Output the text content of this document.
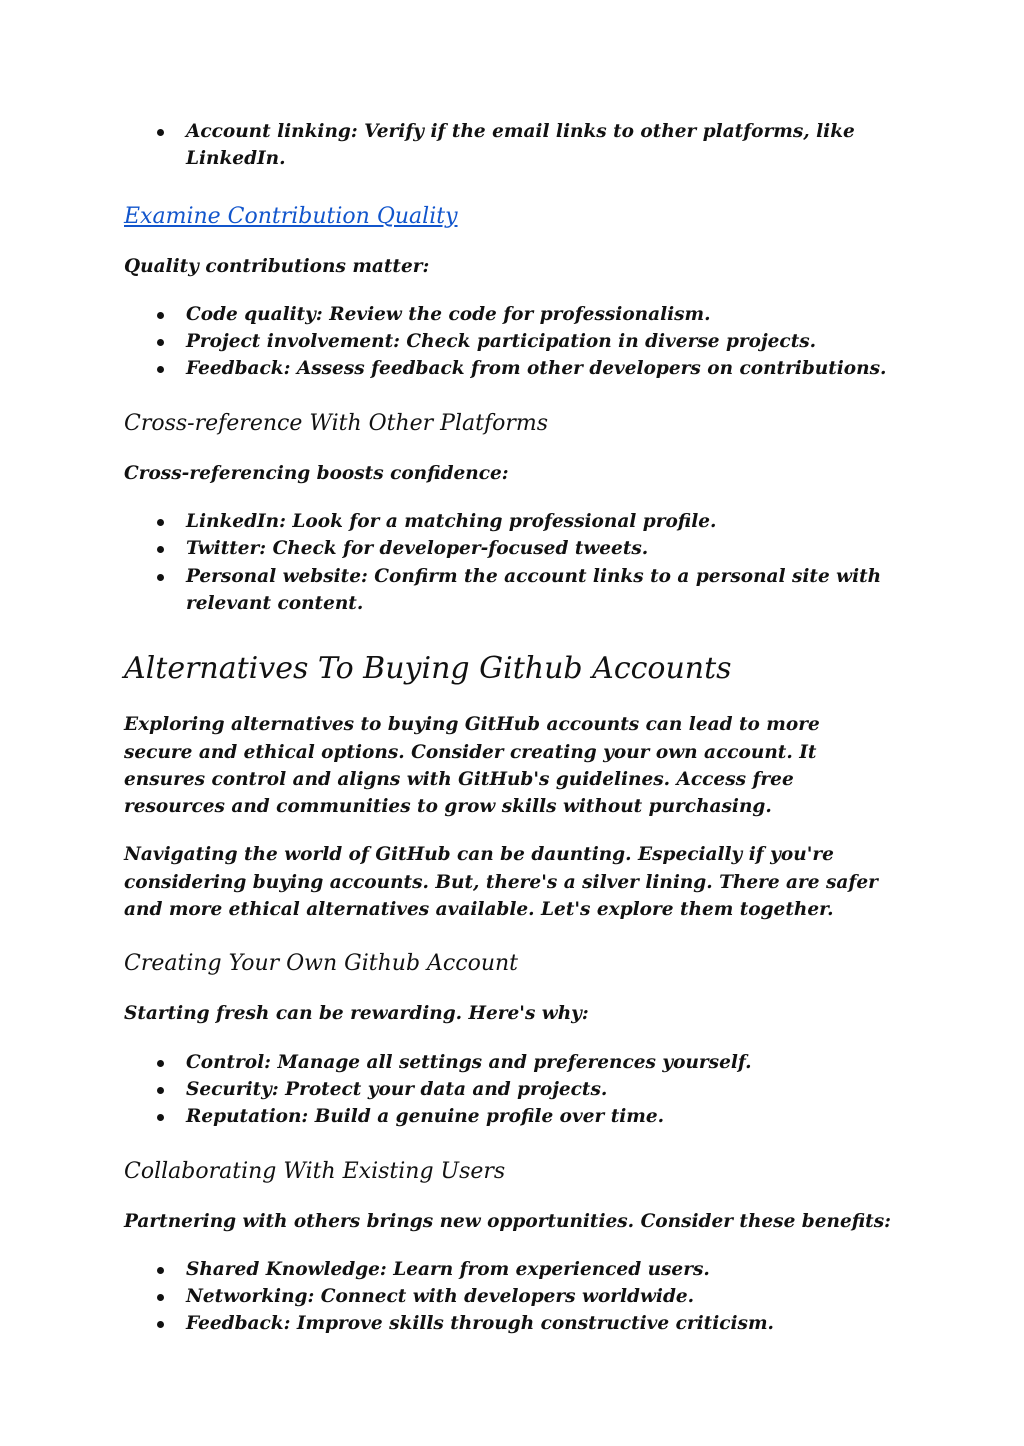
Account linking: Verify if the email links to other platforms, like LinkedIn.
Examine Contribution Quality

Quality contributions matter:

Code quality: Review the code for professionalism.
Project involvement: Check participation in diverse projects.
Feedback: Assess feedback from other developers on contributions.
Cross-reference With Other Platforms

Cross-referencing boosts confidence:

LinkedIn: Look for a matching professional profile.
Twitter: Check for developer-focused tweets.
Personal website: Confirm the account links to a personal site with relevant content.
Alternatives To Buying Github Accounts

Exploring alternatives to buying GitHub accounts can lead to more secure and ethical options. Consider creating your own account. It ensures control and aligns with GitHub's guidelines. Access free resources and communities to grow skills without purchasing.

Navigating the world of GitHub can be daunting. Especially if you're considering buying accounts. But, there's a silver lining. There are safer and more ethical alternatives available. Let's explore them together.

Creating Your Own Github Account

Starting fresh can be rewarding. Here's why:

Control: Manage all settings and preferences yourself.
Security: Protect your data and projects.
Reputation: Build a genuine profile over time.
Collaborating With Existing Users

Partnering with others brings new opportunities. Consider these benefits:

Shared Knowledge: Learn from experienced users.
Networking: Connect with developers worldwide.
Feedback: Improve skills through constructive criticism.
